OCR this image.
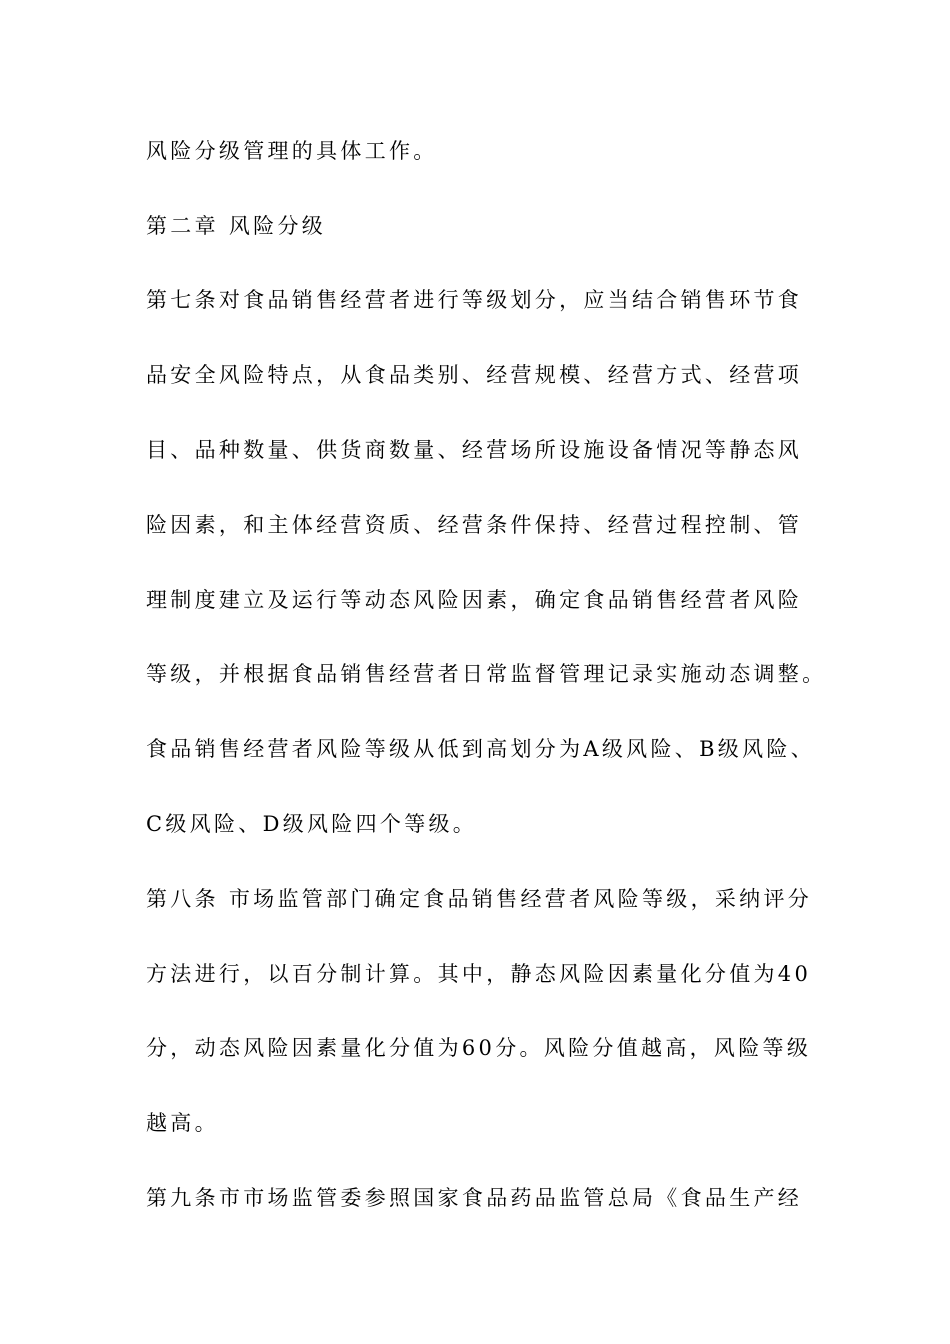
风险分级管理的具体工作。
第二章 风险分级
第七条对食品销售经营者进行等级划分，应当结合销售环节食
品安全风险特点，从食品类别、经营规模、经营方式、经营项
目、品种数量、供货商数量、经营场所设施设备情况等静态风
险因素，和主体经营资质、经营条件保持、经营过程控制、管
理制度建立及运行等动态风险因素，确定食品销售经营者风险
等级，并根据食品销售经营者日常监督管理记录实施动态调整。
食品销售经营者风险等级从低到高划分为A级风险、B级风险、
C级风险、D级风险四个等级。
第八条 市场监管部门确定食品销售经营者风险等级，采纳评分
方法进行，以百分制计算。其中，静态风险因素量化分值为40
分，动态风险因素量化分值为60分。风险分值越高，风险等级
越高。
第九条市市场监管委参照国家食品药品监管总局《食品生产经
